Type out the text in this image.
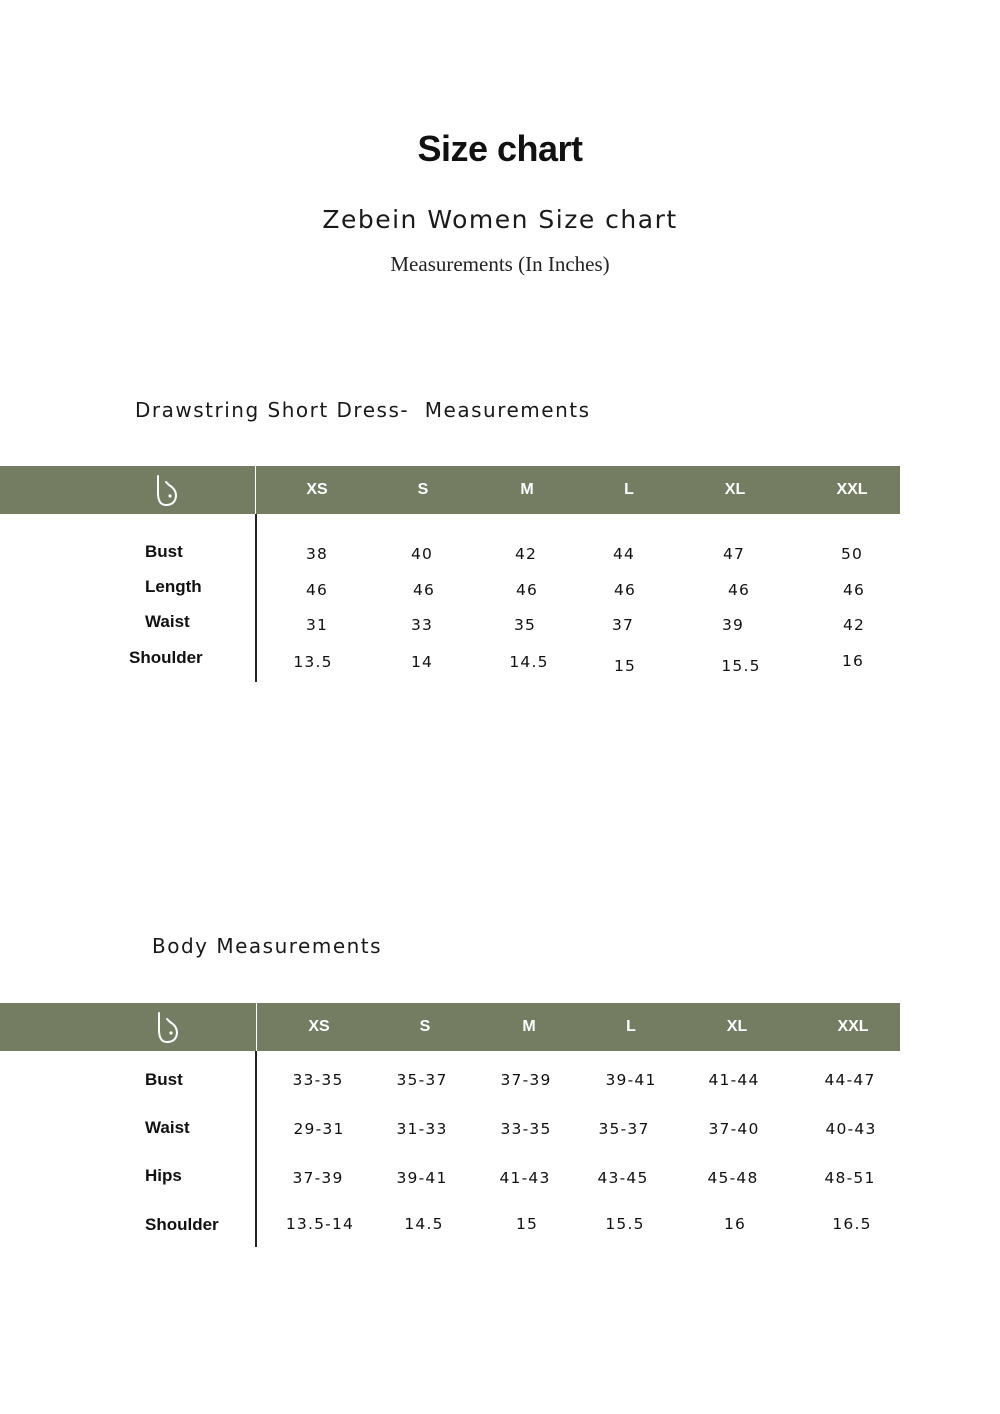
Size chart
Zebein Women Size chart
Measurements (In Inches)
Drawstring Short Dress-  Measurements
XS	S	M	L	XL	XXL
Bust	38	40	42	44	47	50
Length	46	46	46	46	46	46
Waist	31	33	35	37	39	42
Shoulder	13.5	14	14.5	15	15.5	16
Body Measurements
XS	S	M	L	XL	XXL
Bust	33-35	35-37	37-39	39-41	41-44	44-47
Waist	29-31	31-33	33-35	35-37	37-40	40-43
Hips	37-39	39-41	41-43	43-45	45-48	48-51
Shoulder	13.5-14	14.5	15	15.5	16	16.5
